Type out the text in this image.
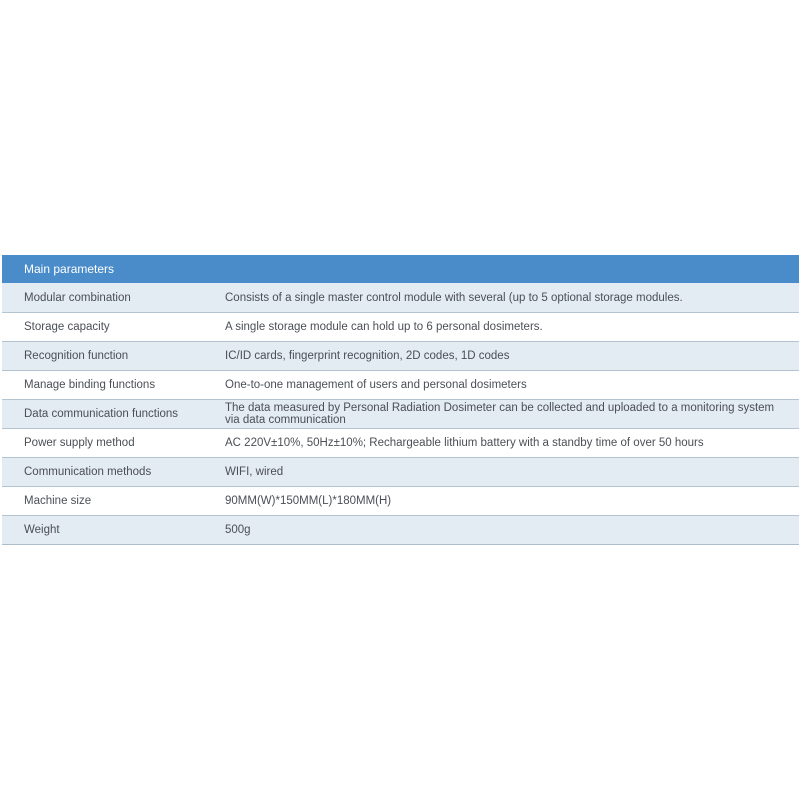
Main parameters
Modular combination	Consists of a single master control module with several (up to 5 optional storage modules.
Storage capacity	A single storage module can hold up to 6 personal dosimeters.
Recognition function	IC/ID cards, fingerprint recognition, 2D codes, 1D codes
Manage binding functions	One-to-one management of users and personal dosimeters
Data communication functions	The data measured by Personal Radiation Dosimeter can be collected and uploaded to a monitoring system via data communication
Power supply method	AC 220V±10%, 50Hz±10%; Rechargeable lithium battery with a standby time of over 50 hours
Communication methods	WIFI, wired
Machine size	90MM(W)*150MM(L)*180MM(H)
Weight	500g
